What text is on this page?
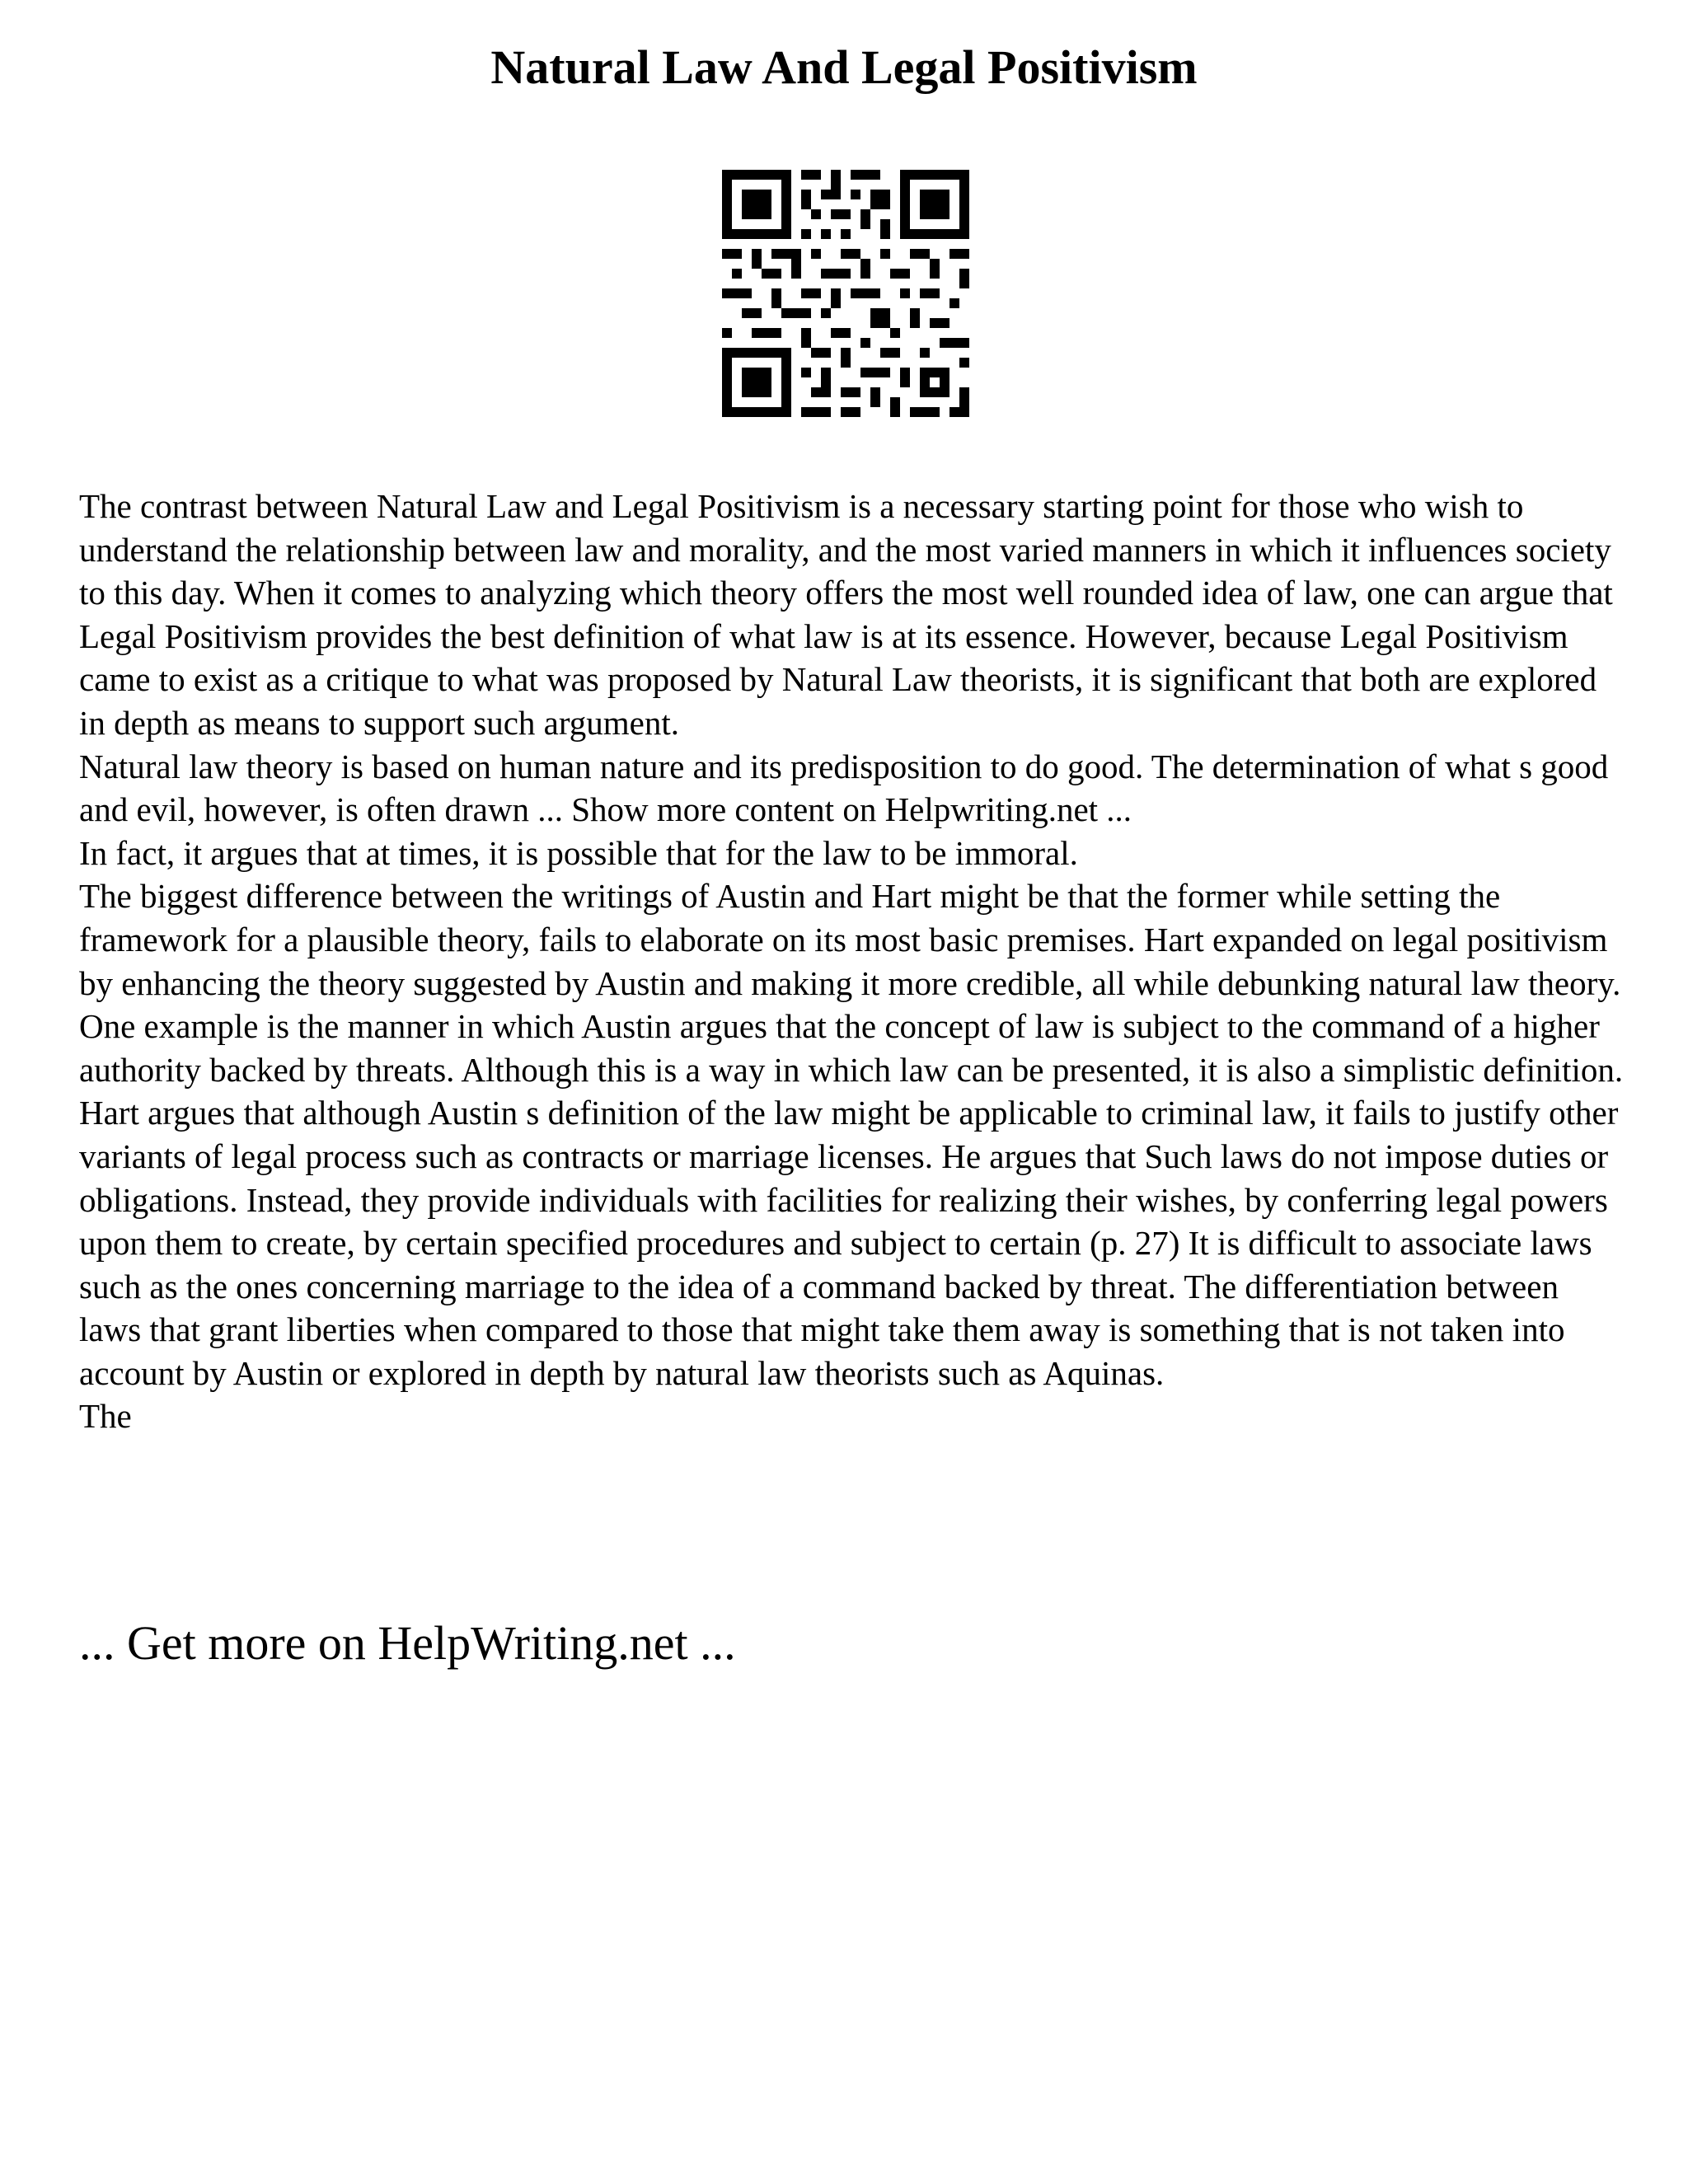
Natural Law And Legal Positivism

The contrast between Natural Law and Legal Positivism is a necessary starting point for those who wish to understand the relationship between law and morality, and the most varied manners in which it influences society to this day. When it comes to analyzing which theory offers the most well rounded idea of law, one can argue that Legal Positivism provides the best definition of what law is at its essence. However, because Legal Positivism came to exist as a critique to what was proposed by Natural Law theorists, it is significant that both are explored in depth as means to support such argument.

Natural law theory is based on human nature and its predisposition to do good. The determination of what s good and evil, however, is often drawn ... Show more content on Helpwriting.net ...

In fact, it argues that at times, it is possible that for the law to be immoral.

The biggest difference between the writings of Austin and Hart might be that the former while setting the framework for a plausible theory, fails to elaborate on its most basic premises. Hart expanded on legal positivism by enhancing the theory suggested by Austin and making it more credible, all while debunking natural law theory. One example is the manner in which Austin argues that the concept of law is subject to the command of a higher authority backed by threats. Although this is a way in which law can be presented, it is also a simplistic definition. Hart argues that although Austin s definition of the law might be applicable to criminal law, it fails to justify other variants of legal process such as contracts or marriage licenses. He argues that Such laws do not impose duties or obligations. Instead, they provide individuals with facilities for realizing their wishes, by conferring legal powers upon them to create, by certain specified procedures and subject to certain (p. 27) It is difficult to associate laws such as the ones concerning marriage to the idea of a command backed by threat. The differentiation between laws that grant liberties when compared to those that might take them away is something that is not taken into account by Austin or explored in depth by natural law theorists such as Aquinas.

The

... Get more on HelpWriting.net ...
